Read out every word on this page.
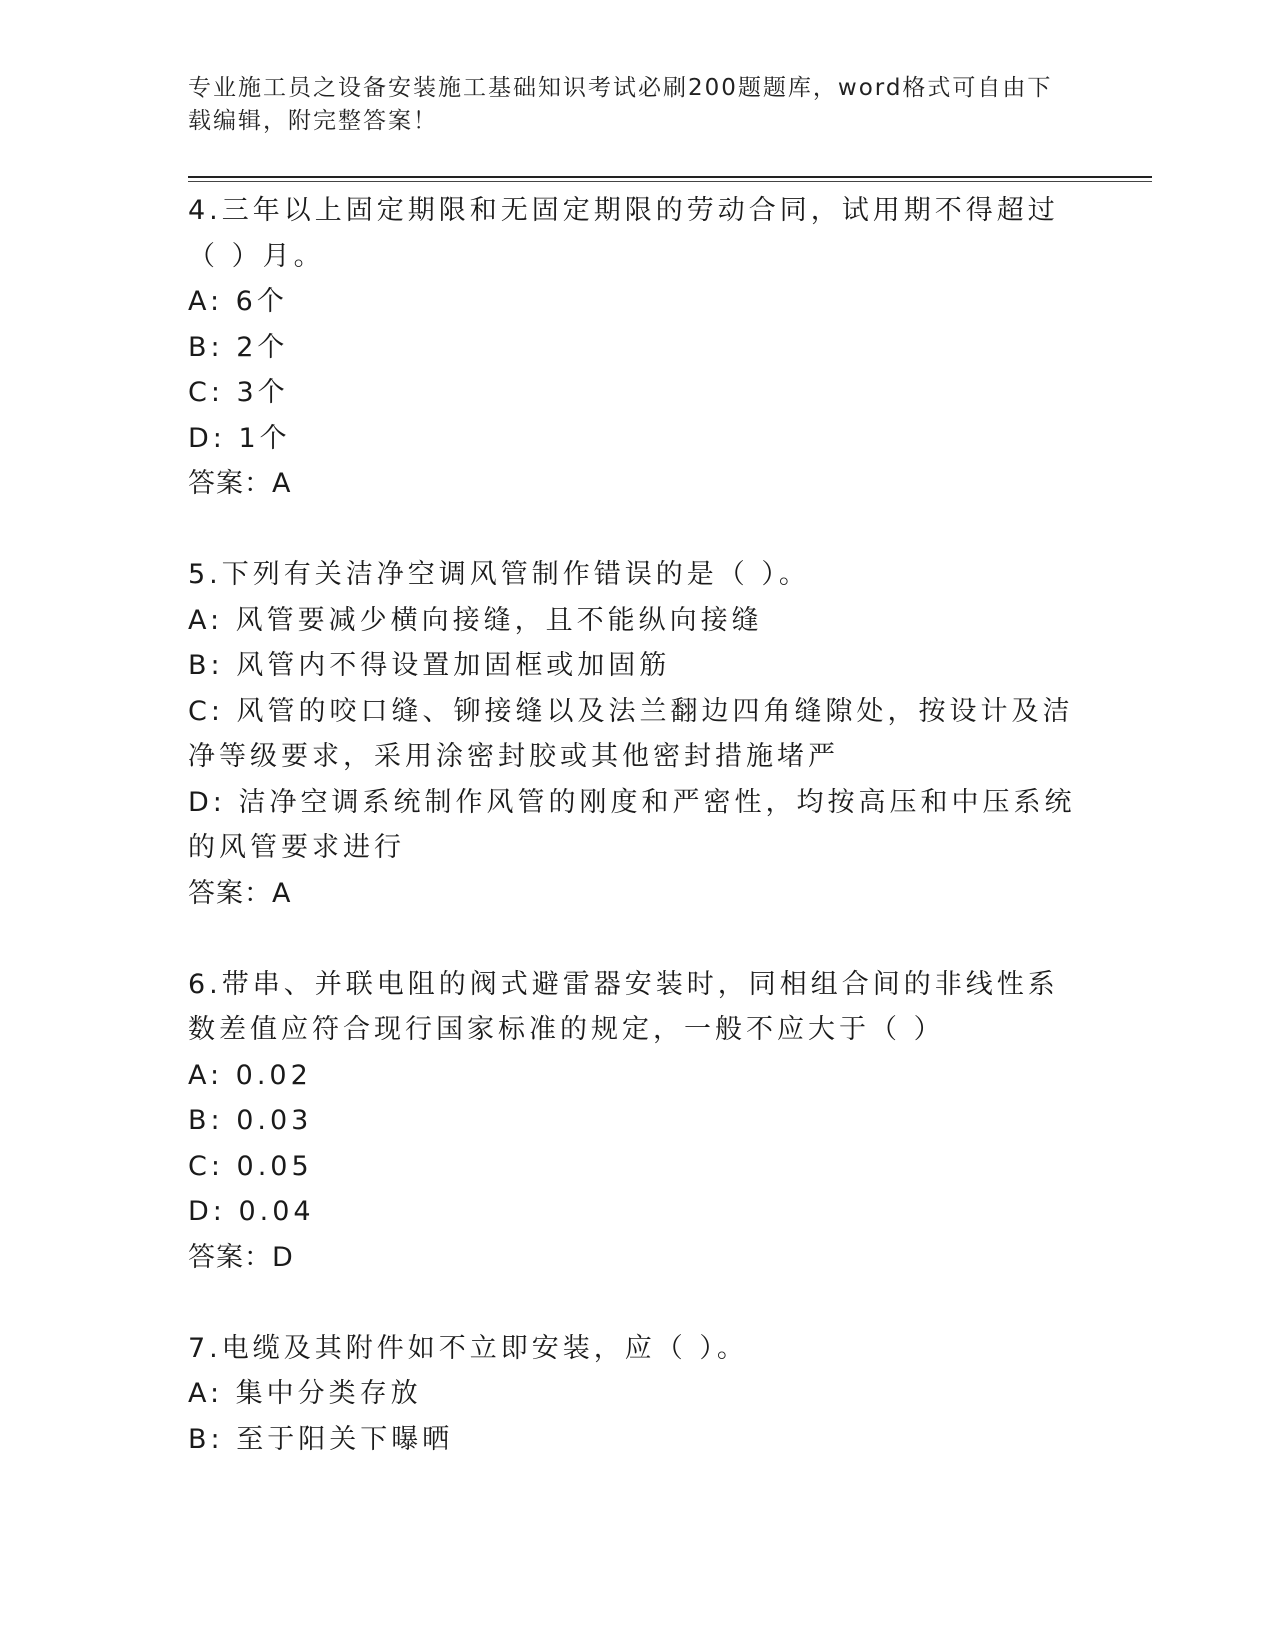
专业施工员之设备安装施工基础知识考试必刷200题题库，word格式可自由下载编辑，附完整答案！
4.三年以上固定期限和无固定期限的劳动合同，试用期不得超过（ ）月。
A: 6个
B: 2个
C: 3个
D: 1个
答案：A
5.下列有关洁净空调风管制作错误的是（ ）。
A: 风管要减少横向接缝，且不能纵向接缝
B: 风管内不得设置加固框或加固筋
C: 风管的咬口缝、铆接缝以及法兰翻边四角缝隙处，按设计及洁净等级要求，采用涂密封胶或其他密封措施堵严
D: 洁净空调系统制作风管的刚度和严密性，均按高压和中压系统的风管要求进行
答案：A
6.带串、并联电阻的阀式避雷器安装时，同相组合间的非线性系数差值应符合现行国家标准的规定，一般不应大于（ ）
A: 0.02
B: 0.03
C: 0.05
D: 0.04
答案：D
7.电缆及其附件如不立即安装，应（ ）。
A: 集中分类存放
B: 至于阳关下曝晒
